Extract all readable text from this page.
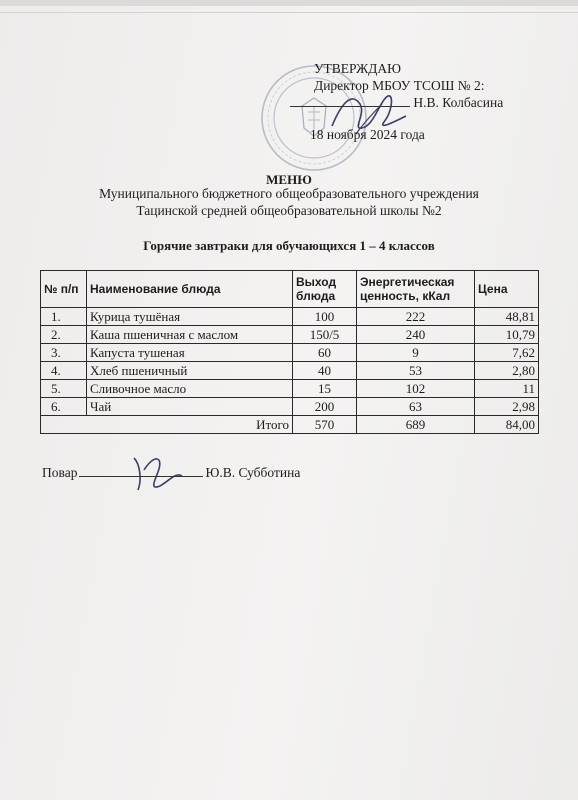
УТВЕРЖДАЮ
Директор МБОУ ТСОШ № 2:
Н.В. Колбасина
18 ноября 2024 года
МЕНЮ
Муниципального бюджетного общеобразовательного учреждения
Тацинской средней общеобразовательной школы №2
Горячие завтраки для обучающихся 1 – 4 классов
№ п/п	Наименование блюда	Выход блюда	Энергетическая ценность, кКал	Цена
1.	Курица тушёная	100	222	48,81
2.	Каша пшеничная с маслом	150/5	240	10,79
3.	Капуста тушеная	60	9	7,62
4.	Хлеб пшеничный	40	53	2,80
5.	Сливочное масло	15	102	11
6.	Чай	200	63	2,98
Итого		570	689	84,00
Повар	Ю.В. Субботина
